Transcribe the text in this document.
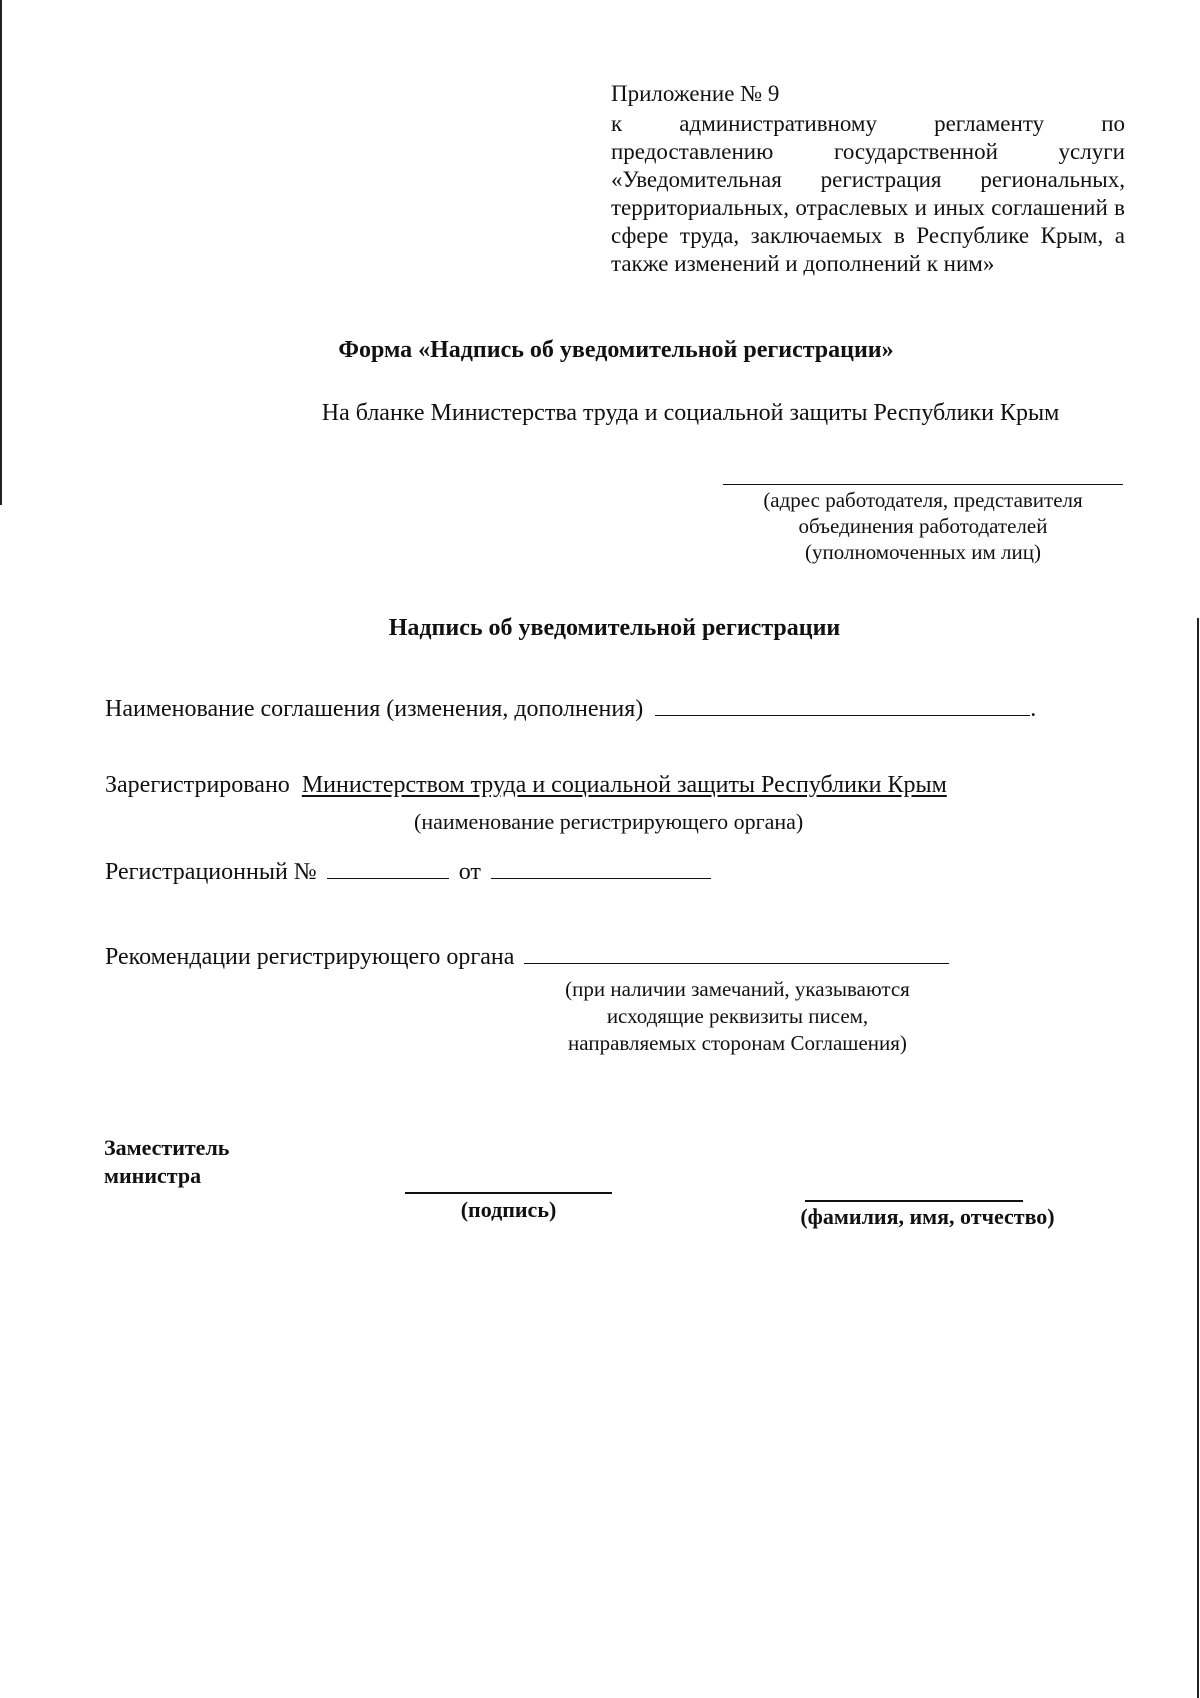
Приложение № 9
к административному регламенту по предоставлению государственной услуги «Уведомительная регистрация региональных, территориальных, отраслевых и иных соглашений в сфере труда, заключаемых в Республике Крым, а также изменений и дополнений к ним»
Форма «Надпись об уведомительной регистрации»
На бланке Министерства труда и социальной защиты Республики Крым
(адрес работодателя, представителя
объединения работодателей
(уполномоченных им лиц)
Надпись об уведомительной регистрации
Наименование соглашения (изменения, дополнения)	.
Зарегистрировано Министерством труда и социальной защиты Республики Крым
(наименование регистрирующего органа)
Регистрационный №	от
Рекомендации регистрирующего органа
(при наличии замечаний, указываются
исходящие реквизиты писем,
направляемых сторонам Соглашения)
Заместитель
министра
(подпись)	(фамилия, имя, отчество)
